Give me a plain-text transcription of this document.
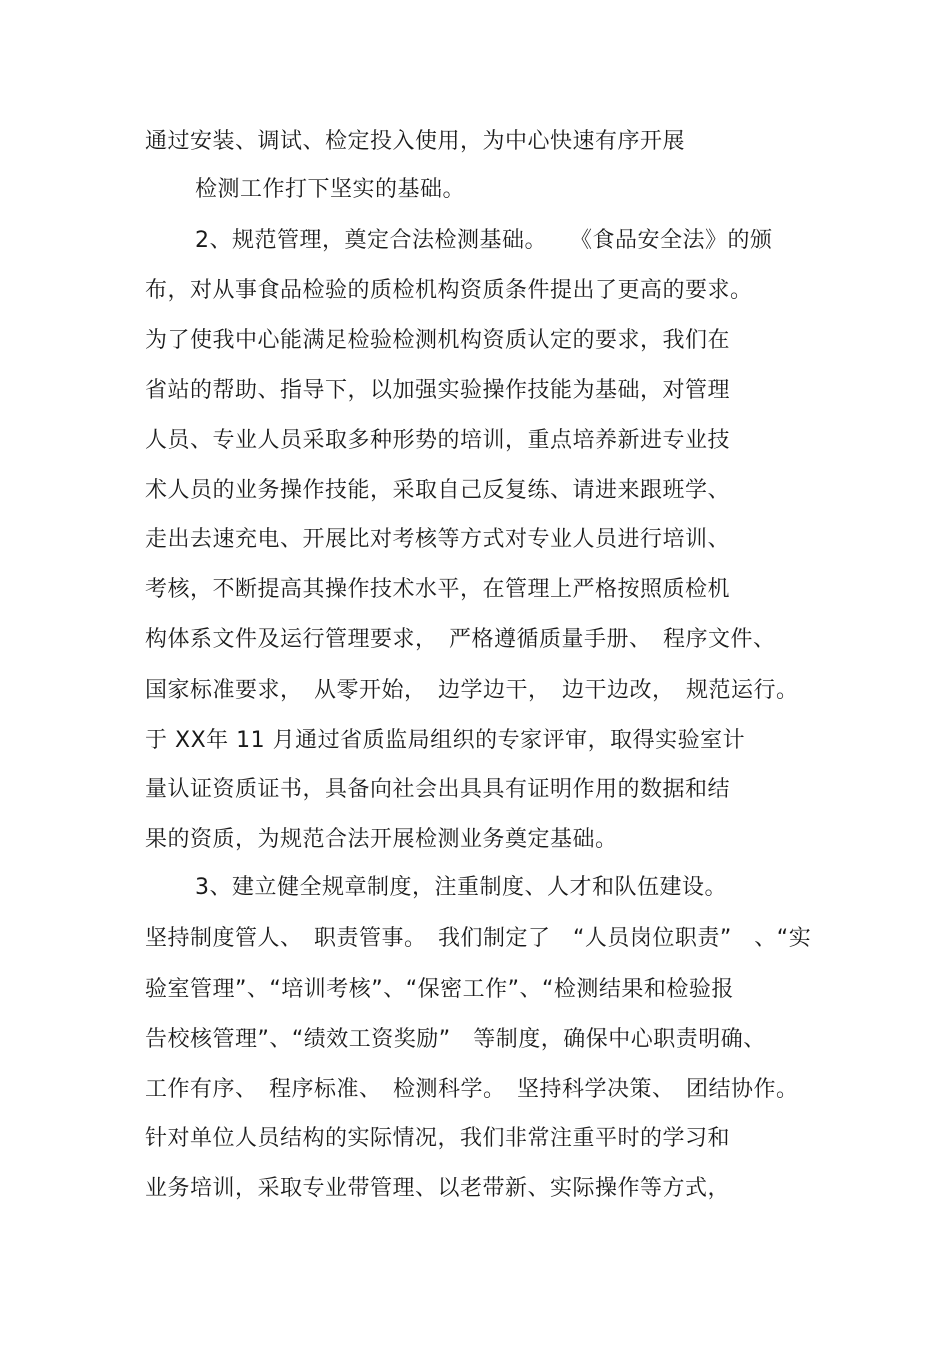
通过安装、调试、检定投入使用，为中心快速有序开展
检测工作打下坚实的基础。
2、规范管理，奠定合法检测基础。　　《食品安全法》的颁
布，对从事食品检验的质检机构资质条件提出了更高的要求。
为了使我中心能满足检验检测机构资质认定的要求，我们在
省站的帮助、指导下，以加强实验操作技能为基础，对管理
人员、专业人员采取多种形势的培训，重点培养新进专业技
术人员的业务操作技能，采取自己反复练、请进来跟班学、
走出去速充电、开展比对考核等方式对专业人员进行培训、
考核，不断提高其操作技术水平，在管理上严格按照质检机
构体系文件及运行管理要求，　严格遵循质量手册、　程序文件、
国家标准要求，　从零开始，　边学边干，　边干边改，　规范运行。
于 XX年 11 月通过省质监局组织的专家评审，取得实验室计
量认证资质证书，具备向社会出具具有证明作用的数据和结
果的资质，为规范合法开展检测业务奠定基础。
3、建立健全规章制度，注重制度、人才和队伍建设。
坚持制度管人、　职责管事。　我们制定了　“人员岗位职责”　、“实
验室管理”、“培训考核”、“保密工作”、“检测结果和检验报
告校核管理”、“绩效工资奖励”　等制度，确保中心职责明确、
工作有序、　程序标准、　检测科学。　坚持科学决策、　团结协作。
针对单位人员结构的实际情况，我们非常注重平时的学习和
业务培训，采取专业带管理、以老带新、实际操作等方式，
